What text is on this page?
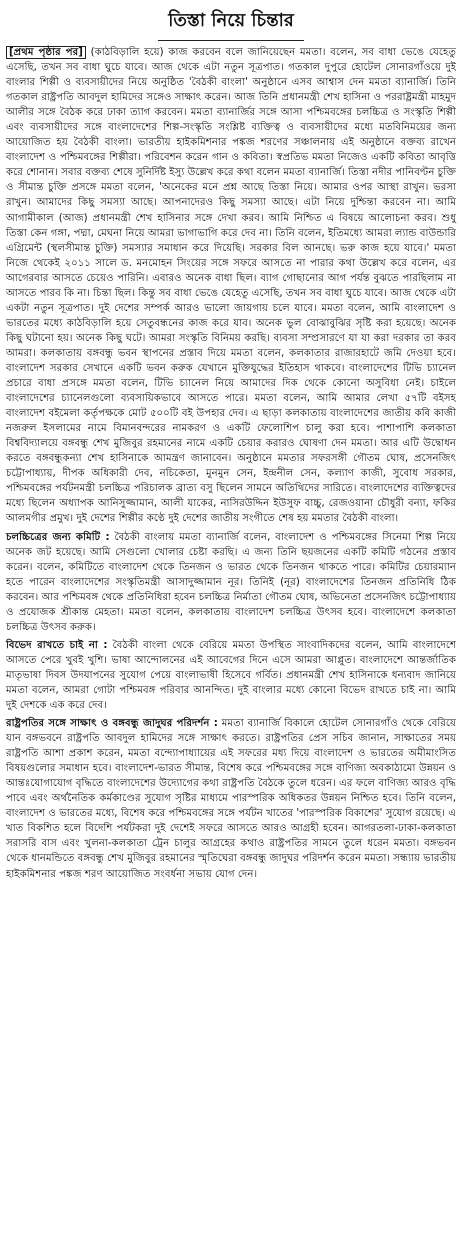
তিস্তা নিয়ে চিন্তার

[প্রথম পৃষ্ঠার পর] (কাঠবিড়ালি হয়ে) কাজ করবেন বলে জানিয়েছেন মমতা। বলেন, সব বাধা ভেঙে যেহেতু এসেছি, তখন সব বাধা ঘুচে যাবে। আজ থেকে এটা নতুন সূত্রপাত। গতকাল দুপুরে হোটেল সোনারগাঁওয়ে দুই বাংলার শিল্পী ও ব্যবসায়ীদের নিয়ে অনুষ্ঠিত 'বৈঠকী বাংলা' অনুষ্ঠানে এসব আশ্বাস দেন মমতা ব্যানার্জি। তিনি গতকাল রাষ্ট্রপতি আবদুল হামিদের সঙ্গেও সাক্ষাৎ করেন। আজ তিনি প্রধানমন্ত্রী শেখ হাসিনা ও পররাষ্ট্রমন্ত্রী মাহমুদ আলীর সঙ্গে বৈঠক করে ঢাকা ত্যাগ করবেন। মমতা ব্যানার্জির সঙ্গে আসা পশ্চিমবঙ্গের চলচ্চিত্র ও সংস্কৃতি শিল্পী এবং ব্যবসায়ীদের সঙ্গে বাংলাদেশের শিল্প-সংস্কৃতি সংশ্লিষ্ট ব্যক্তিত্ব ও ব্যবসায়ীদের মধ্যে মতবিনিময়ের জন্য আয়োজিত হয় বৈঠকী বাংলা। ভারতীয় হাইকমিশনার পঙ্কজ শরণের সঞ্চালনায় এই অনুষ্ঠানে বক্তব্য রাখেন বাংলাদেশ ও পশ্চিমবঙ্গের শিল্পীরা। পরিবেশন করেন গান ও কবিতা। স্বপ্রতিভ মমতা নিজেও একটি কবিতা আবৃত্তি করে শোনান। সবার বক্তব্য শেষে সুনির্দিষ্ট ইস্যু উল্লেখ করে কথা বলেন মমতা ব্যানার্জি। তিস্তা নদীর পানিবণ্টন চুক্তি ও সীমান্ত চুক্তি প্রসঙ্গে মমতা বলেন, 'অনেকের মনে প্রশ্ন আছে তিস্তা নিয়ে। আমার ওপর আস্থা রাখুন। ভরসা রাখুন। আমাদের কিছু সমস্যা আছে। আপনাদেরও কিছু সমস্যা আছে। এটা নিয়ে দুশ্চিন্তা করবেন না। আমি আগামীকাল (আজ) প্রধানমন্ত্রী শেখ হাসিনার সঙ্গে দেখা করব। আমি নিশ্চিত এ বিষয়ে আলোচনা করব। শুধু তিস্তা কেন গঙ্গা, পদ্মা, মেঘনা নিয়ে আমরা ভাগাভাগি করে দেব না। তিনি বলেন, ইতিমধ্যে আমরা ল্যান্ড বাউন্ডারি এগ্রিমেন্ট (স্থলসীমান্ত চুক্তি) সমস্যার সমাধান করে দিয়েছি। সরকার বিল আনছে। ভরু কাজ হয়ে যাবে।' মমতা নিজে থেকেই ২০১১ সালে ড. মনমোহন সিংয়ের সঙ্গে সফরে আসতে না পারার কথা উল্লেখ করে বলেন, এর আগেরবার আসতে চেয়েও পারিনি। এবারও অনেক বাধা ছিল। ব্যাগ গোছানোর আগ পর্যন্ত বুঝতে পারছিলাম না আসতে পারব কি না। চিন্তা ছিল। কিন্তু সব বাধা ভেঙে যেহেতু এসেছি, তখন সব বাধা ঘুচে যাবে। আজ থেকে এটা একটা নতুন সূত্রপাত। দুই দেশের সম্পর্ক আরও ভালো জায়গায় চলে যাবে। মমতা বলেন, আমি বাংলাদেশ ও ভারতের মধ্যে কাঠবিড়ালি হয়ে সেতুবন্ধনের কাজ করে যাব। অনেক ভুল বোঝাবুঝির সৃষ্টি করা হয়েছে। অনেক কিছু ঘটানো হয়। অনেক কিছু ঘটে। আমরা সংস্কৃতি বিনিময় করছি। ব্যবসা সম্প্রসারণে যা যা করা দরকার তা করব আমরা। কলকাতায় বঙ্গবন্ধু ভবন স্থাপনের প্রস্তাব দিয়ে মমতা বলেন, কলকাতার রাজারহাটে জমি দেওয়া হবে। বাংলাদেশ সরকার সেখানে একটি ভবন করুক যেখানে মুক্তিযুদ্ধের ইতিহাস থাকবে। বাংলাদেশের টিভি চ্যানেল প্রচারে বাধা প্রসঙ্গে মমতা বলেন, টিভি চ্যানেল নিয়ে আমাদের দিক থেকে কোনো অসুবিধা নেই। চাইলে বাংলাদেশের চ্যানেলগুলো ব্যবসায়িকভাবে আসতে পারে। মমতা বলেন, আমি আমার লেখা ৫৭টি বইসহ বাংলাদেশ বইমেলা কর্তৃপক্ষকে মোট ৫০০টি বই উপহার দেব। এ ছাড়া কলকাতায় বাংলাদেশের জাতীয় কবি কাজী নজরুল ইসলামের নামে বিমানবন্দরের নামকরণ ও একটি ফেলোশিপ চালু করা হবে। পাশাপাশি কলকাতা বিশ্ববিদ্যালয়ে বঙ্গবন্ধু শেখ মুজিবুর রহমানের নামে একটি চেয়ার করারও ঘোষণা দেন মমতা। আর এটি উদ্বোধন করতে বঙ্গবন্ধুকন্যা শেখ হাসিনাকে আমন্ত্রণ জানাবেন। অনুষ্ঠানে মমতার সফরসঙ্গী গৌতম ঘোষ, প্রসেনজিৎ চট্টোপাধ্যায়, দীপক অধিকারী দেব, নচিকেতা, মুনমুন সেন, ইন্দ্রনীল সেন, কল্যাণ কাজী, সুবোধ সরকার, পশ্চিমবঙ্গের পর্যটনমন্ত্রী চলচ্চিত্র পরিচালক ব্রাত্য বসু ছিলেন সামনে অতিথিদের সারিতে। বাংলাদেশের ব্যক্তিত্বদের মধ্যে ছিলেন অধ্যাপক আনিসুজ্জামান, আলী যাকের, নাসিরউদ্দিন ইউসুফ বাচ্চু, রেজওয়ানা চৌধুরী বন্যা, ফকির আলমগীর প্রমুখ। দুই দেশের শিল্পীর কণ্ঠে দুই দেশের জাতীয় সংগীতে শেষ হয় মমতার বৈঠকী বাংলা।

চলচ্চিত্রের জন্য কমিটি : বৈঠকী বাংলায় মমতা ব্যানার্জি বলেন, বাংলাদেশ ও পশ্চিমবঙ্গের সিনেমা শিল্প নিয়ে অনেক জট হয়েছে। আমি সেগুলো খোলার চেষ্টা করছি। এ জন্য তিনি ছয়জনের একটি কমিটি গঠনের প্রস্তাব করেন। বলেন, কমিটিতে বাংলাদেশ থেকে তিনজন ও ভারত থেকে তিনজন থাকতে পারে। কমিটির চেয়ারম্যান হতে পারেন বাংলাদেশের সংস্কৃতিমন্ত্রী আসাদুজ্জামান নূর। তিনিই (নূর) বাংলাদেশের তিনজন প্রতিনিধি ঠিক করবেন। আর পশ্চিমবঙ্গ থেকে প্রতিনিধিরা হবেন চলচ্চিত্র নির্মাতা গৌতম ঘোষ, অভিনেতা প্রসেনজিৎ চট্টোপাধ্যায় ও প্রযোজক শ্রীকান্ত মেহতা। মমতা বলেন, কলকাতায় বাংলাদেশ চলচ্চিত্র উৎসব হবে। বাংলাদেশে কলকাতা চলচ্চিত্র উৎসব করুক।

বিভেদ রাখতে চাই না : বৈঠকী বাংলা থেকে বেরিয়ে মমতা উপস্থিত সাংবাদিকদের বলেন, আমি বাংলাদেশে আসতে পেরে খুবই খুশি। ভাষা আন্দোলনের এই আবেগের দিনে এসে আমরা আপ্লুত। বাংলাদেশে আন্তর্জাতিক মাতৃভাষা দিবস উদযাপনের সুযোগ পেয়ে বাংলাভাষী হিসেবে গর্বিত। প্রধানমন্ত্রী শেখ হাসিনাকে ধন্যবাদ জানিয়ে মমতা বলেন, আমরা গোটা পশ্চিমবঙ্গ পরিবার আনন্দিত। দুই বাংলার মধ্যে কোনো বিভেদ রাখতে চাই না। আমি দুই দেশকে এক করে দেব।

রাষ্ট্রপতির সঙ্গে সাক্ষাৎ ও বঙ্গবন্ধু জাদুঘর পরিদর্শন : মমতা ব্যানার্জি বিকালে হোটেল সোনারগাঁও থেকে বেরিয়ে যান বঙ্গভবনে রাষ্ট্রপতি আবদুল হামিদের সঙ্গে সাক্ষাৎ করতে। রাষ্ট্রপতির প্রেস সচিব জানান, সাক্ষাতের সময় রাষ্ট্রপতি আশা প্রকাশ করেন, মমতা বন্দ্যোপাধ্যায়ের এই সফরের মধ্য দিয়ে বাংলাদেশ ও ভারতের অমীমাংসিত বিষয়গুলোর সমাধান হবে। বাংলাদেশ-ভারত সীমান্ত, বিশেষ করে পশ্চিমবঙ্গের সঙ্গে বাণিজ্য অবকাঠামো উন্নয়ন ও আন্তঃযোগাযোগ বৃদ্ধিতে বাংলাদেশের উদ্যোগের কথা রাষ্ট্রপতি বৈঠকে তুলে ধরেন। এর ফলে বাণিজ্য আরও বৃদ্ধি পাবে এবং অর্থনৈতিক কর্মকাণ্ডের সুযোগ সৃষ্টির মাধ্যমে পারস্পরিক অধিকতর উন্নয়ন নিশ্চিত হবে। তিনি বলেন, বাংলাদেশ ও ভারতের মধ্যে, বিশেষ করে পশ্চিমবঙ্গের সঙ্গে পর্যটন খাতের 'পারস্পরিক বিকাশের' সুযোগ রয়েছে। এ খাত বিকশিত হলে বিদেশি পর্যটকরা দুই দেশেই সফরে আসতে আরও আগ্রহী হবেন। আগরতলা-ঢাকা-কলকাতা সরাসরি বাস এবং খুলনা-কলকাতা ট্রেন চালুর আগ্রহের কথাও রাষ্ট্রপতির সামনে তুলে ধরেন মমতা। বঙ্গভবন থেকে ধানমন্ডিতে বঙ্গবন্ধু শেখ মুজিবুর রহমানের স্মৃতিঘেরা বঙ্গবন্ধু জাদুঘর পরিদর্শন করেন মমতা। সন্ধ্যায় ভারতীয় হাইকমিশনার পঙ্কজ শরণ আয়োজিত সংবর্ধনা সভায় যোগ দেন।
